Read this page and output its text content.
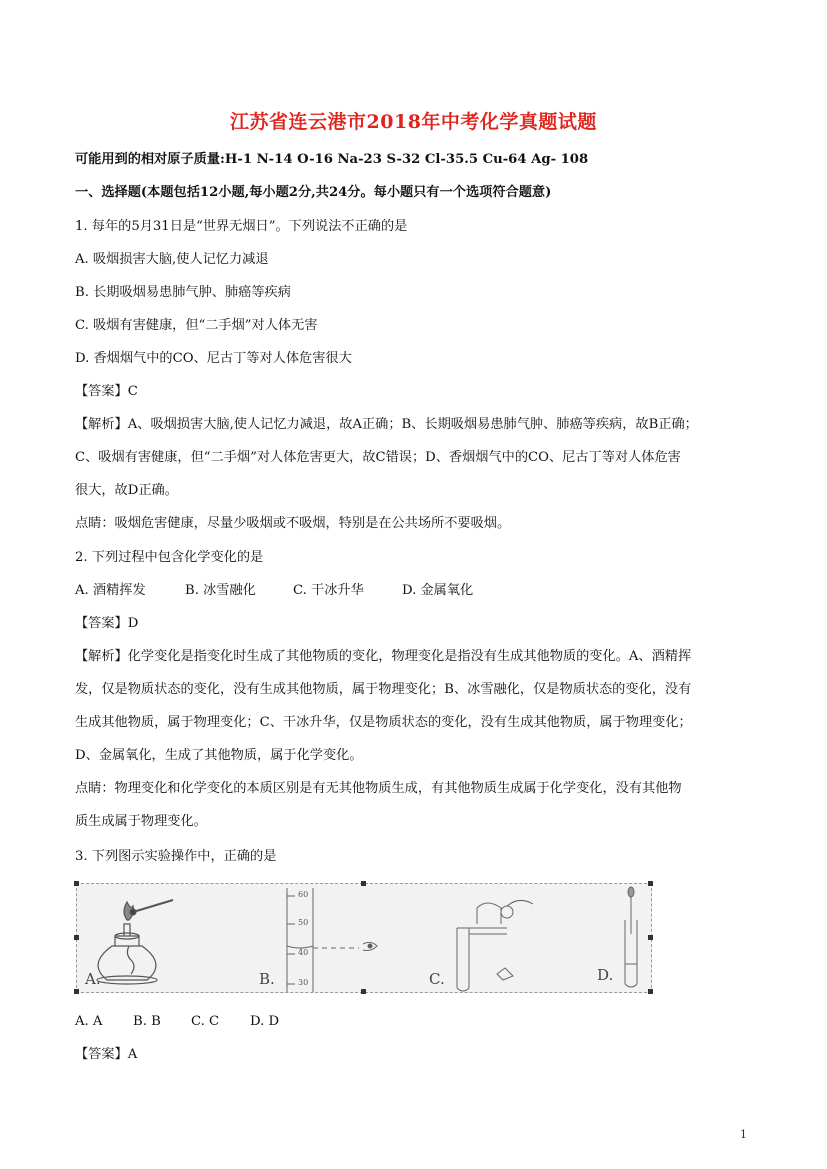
江苏省连云港市2018年中考化学真题试题
可能用到的相对原子质量:H-1 N-14 O-16 Na-23 S-32 Cl-35.5 Cu-64 Ag- 108
一、选择题(本题包括12小题,每小题2分,共24分。每小题只有一个选项符合题意)
1. 每年的5月31日是“世界无烟日”。下列说法不正确的是
A. 吸烟损害大脑,使人记忆力减退
B. 长期吸烟易患肺气肿、肺癌等疾病
C. 吸烟有害健康，但“二手烟”对人体无害
D. 香烟烟气中的CO、尼古丁等对人体危害很大
【答案】C
【解析】A、吸烟损害大脑,使人记忆力减退，故A正确；B、长期吸烟易患肺气肿、肺癌等疾病，故B正确；
C、吸烟有害健康，但“二手烟”对人体危害更大，故C错误；D、香烟烟气中的CO、尼古丁等对人体危害
很大，故D正确。
点睛：吸烟危害健康，尽量少吸烟或不吸烟，特别是在公共场所不要吸烟。
2. 下列过程中包含化学变化的是
A. 酒精挥发	B. 冰雪融化	C. 干冰升华	D. 金属氧化
【答案】D
【解析】化学变化是指变化时生成了其他物质的变化，物理变化是指没有生成其他物质的变化。A、酒精挥
发，仅是物质状态的变化，没有生成其他物质，属于物理变化；B、冰雪融化，仅是物质状态的变化，没有
生成其他物质，属于物理变化；C、干冰升华，仅是物质状态的变化，没有生成其他物质，属于物理变化；
D、金属氧化，生成了其他物质，属于化学变化。
点睛：物理变化和化学变化的本质区别是有无其他物质生成，有其他物质生成属于化学变化，没有其他物
质生成属于物理变化。
3. 下列图示实验操作中，正确的是
A.	B.	C.	D.
60
50
40
30
A. A B. B C. C D. D
【答案】A
1
